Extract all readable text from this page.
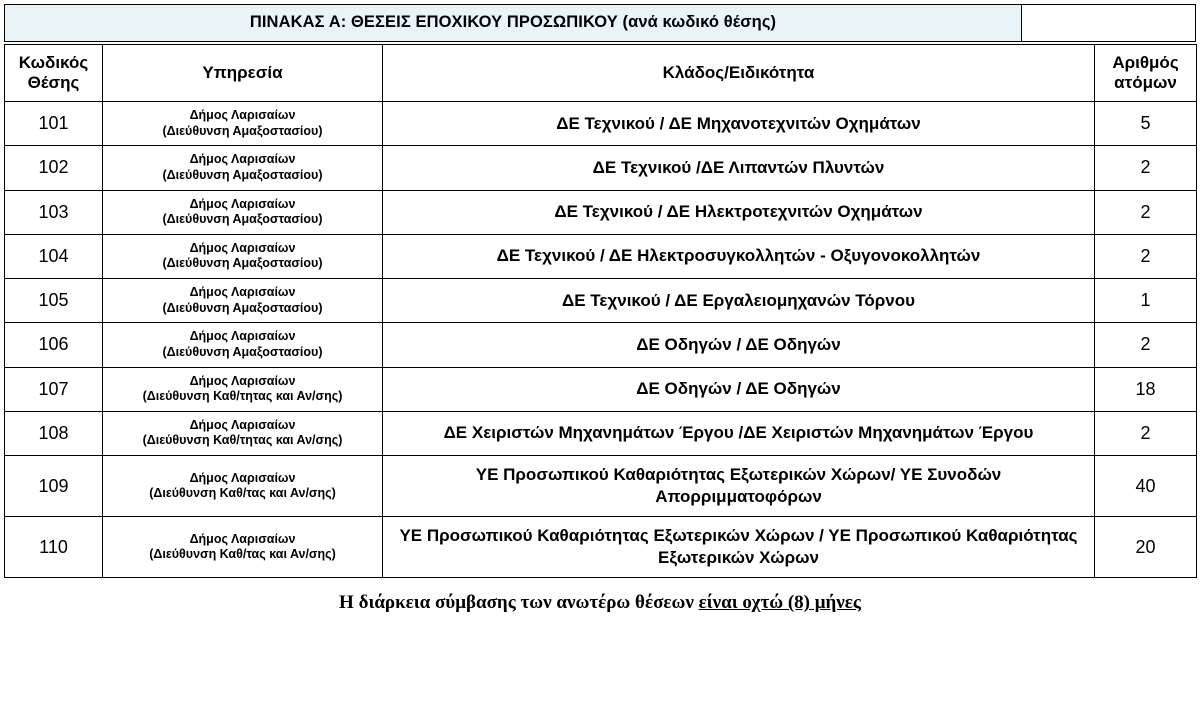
ΠΙΝΑΚΑΣ Α: ΘΕΣΕΙΣ ΕΠΟΧΙΚΟΥ ΠΡΟΣΩΠΙΚΟΥ (ανά κωδικό θέσης)
Κωδικός
Θέσης	Υπηρεσία	Κλάδος/Ειδικότητα	Αριθμός
ατόμων
101	Δήμος Λαρισαίων
(Διεύθυνση Αμαξοστασίου)	ΔΕ Τεχνικού / ΔΕ Μηχανοτεχνιτών Οχημάτων	5
102	Δήμος Λαρισαίων
(Διεύθυνση Αμαξοστασίου)	ΔΕ Τεχνικού /ΔΕ Λιπαντών Πλυντών	2
103	Δήμος Λαρισαίων
(Διεύθυνση Αμαξοστασίου)	ΔΕ Τεχνικού / ΔΕ Ηλεκτροτεχνιτών Οχημάτων	2
104	Δήμος Λαρισαίων
(Διεύθυνση Αμαξοστασίου)	ΔΕ Τεχνικού / ΔΕ Ηλεκτροσυγκολλητών - Οξυγονοκολλητών	2
105	Δήμος Λαρισαίων
(Διεύθυνση Αμαξοστασίου)	ΔΕ Τεχνικού / ΔΕ Εργαλειομηχανών Τόρνου	1
106	Δήμος Λαρισαίων
(Διεύθυνση Αμαξοστασίου)	ΔΕ Οδηγών / ΔΕ Οδηγών	2
107	Δήμος Λαρισαίων
(Διεύθυνση Καθ/τητας και Αν/σης)	ΔΕ Οδηγών / ΔΕ Οδηγών	18
108	Δήμος Λαρισαίων
(Διεύθυνση Καθ/τητας και Αν/σης)	ΔΕ Χειριστών Μηχανημάτων Έργου /ΔΕ Χειριστών Μηχανημάτων Έργου	2
109	Δήμος Λαρισαίων
(Διεύθυνση Καθ/τας και Αν/σης)	ΥΕ Προσωπικού Καθαριότητας Εξωτερικών Χώρων/ ΥΕ Συνοδών Απορριμματοφόρων	40
110	Δήμος Λαρισαίων
(Διεύθυνση Καθ/τας και Αν/σης)	ΥΕ Προσωπικού Καθαριότητας Εξωτερικών Χώρων / ΥΕ Προσωπικού Καθαριότητας Εξωτερικών Χώρων	20
Η διάρκεια σύμβασης των ανωτέρω θέσεων είναι οχτώ (8) μήνες
